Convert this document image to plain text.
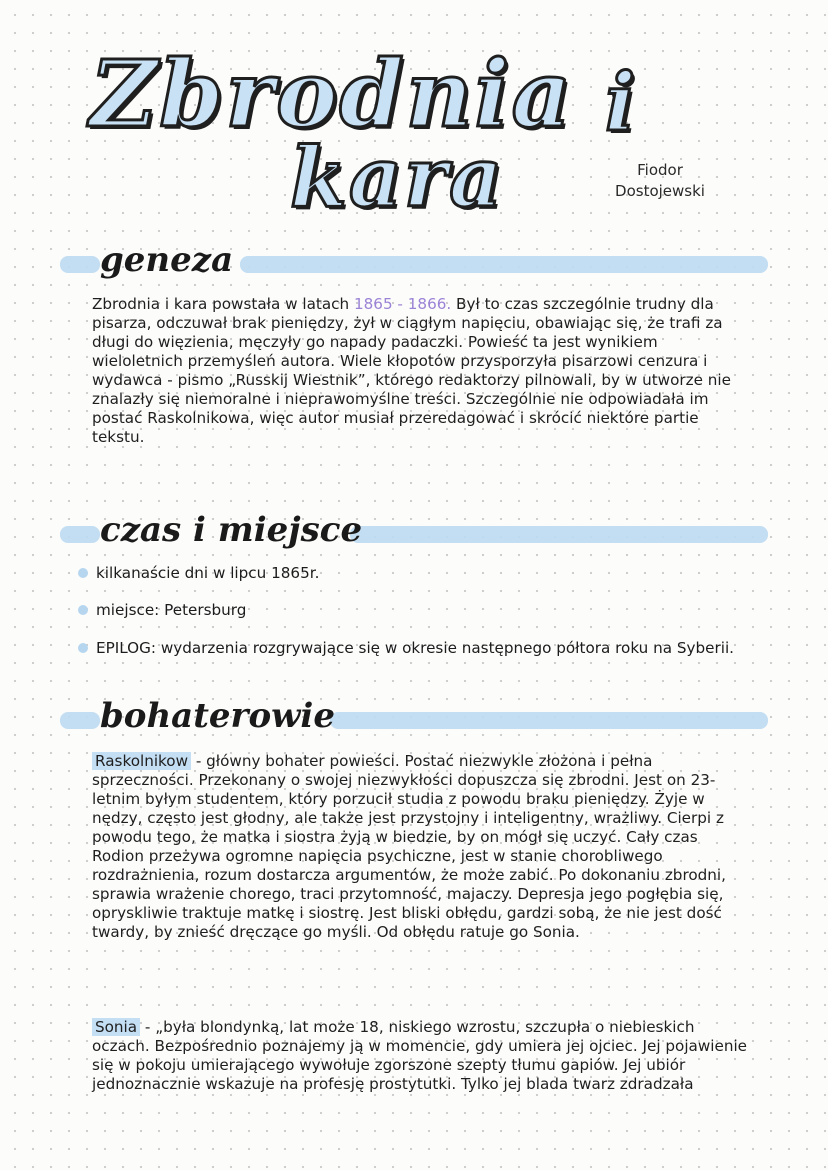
Zbrodnia i
kara	Fiodor
Dostojewski
geneza

Zbrodnia i kara powstała w latach 1865 - 1866. Był to czas szczególnie trudny dla pisarza, odczuwał brak pieniędzy, żył w ciągłym napięciu, obawiając się, że trafi za długi do więzienia, męczyły go napady padaczki. Powieść ta jest wynikiem wieloletnich przemyśleń autora. Wiele kłopotów przysporzyła pisarzowi cenzura i wydawca - pismo „Russkij Wiestnik”, którego redaktorzy pilnowali, by w utworze nie znalazły się niemoralne i nieprawomyślne treści. Szczególnie nie odpowiadała im postać Raskolnikowa, więc autor musiał przeredagować i skrócić niektóre partie tekstu.

czas i miejsce
kilkanaście dni w lipcu 1865r.
miejsce: Petersburg
EPILOG: wydarzenia rozgrywające się w okresie następnego półtora roku na Syberii.
bohaterowie

Raskolnikow - główny bohater powieści. Postać niezwykle złożona i pełna sprzeczności. Przekonany o swojej niezwykłości dopuszcza się zbrodni. Jest on 23-letnim byłym studentem, który porzucił studia z powodu braku pieniędzy. Żyje w nędzy, często jest głodny, ale także jest przystojny i inteligentny, wrażliwy. Cierpi z powodu tego, że matka i siostra żyją w biedzie, by on mógł się uczyć. Cały czas Rodion przeżywa ogromne napięcia psychiczne, jest w stanie chorobliwego rozdrażnienia, rozum dostarcza argumentów, że może zabić. Po dokonaniu zbrodni, sprawia wrażenie chorego, traci przytomność, majaczy. Depresja jego pogłębia się, opryskliwie traktuje matkę i siostrę. Jest bliski obłędu, gardzi sobą, że nie jest dość twardy, by znieść dręczące go myśli. Od obłędu ratuje go Sonia.

Sonia - „była blondynką, lat może 18, niskiego wzrostu, szczupła o niebieskich oczach. Bezpośrednio poznajemy ją w momencie, gdy umiera jej ojciec. Jej pojawienie się w pokoju umierającego wywołuje zgorszone szepty tłumu gapiów. Jej ubiór jednoznacznie wskazuje na profesję prostytutki. Tylko jej blada twarz zdradzała
